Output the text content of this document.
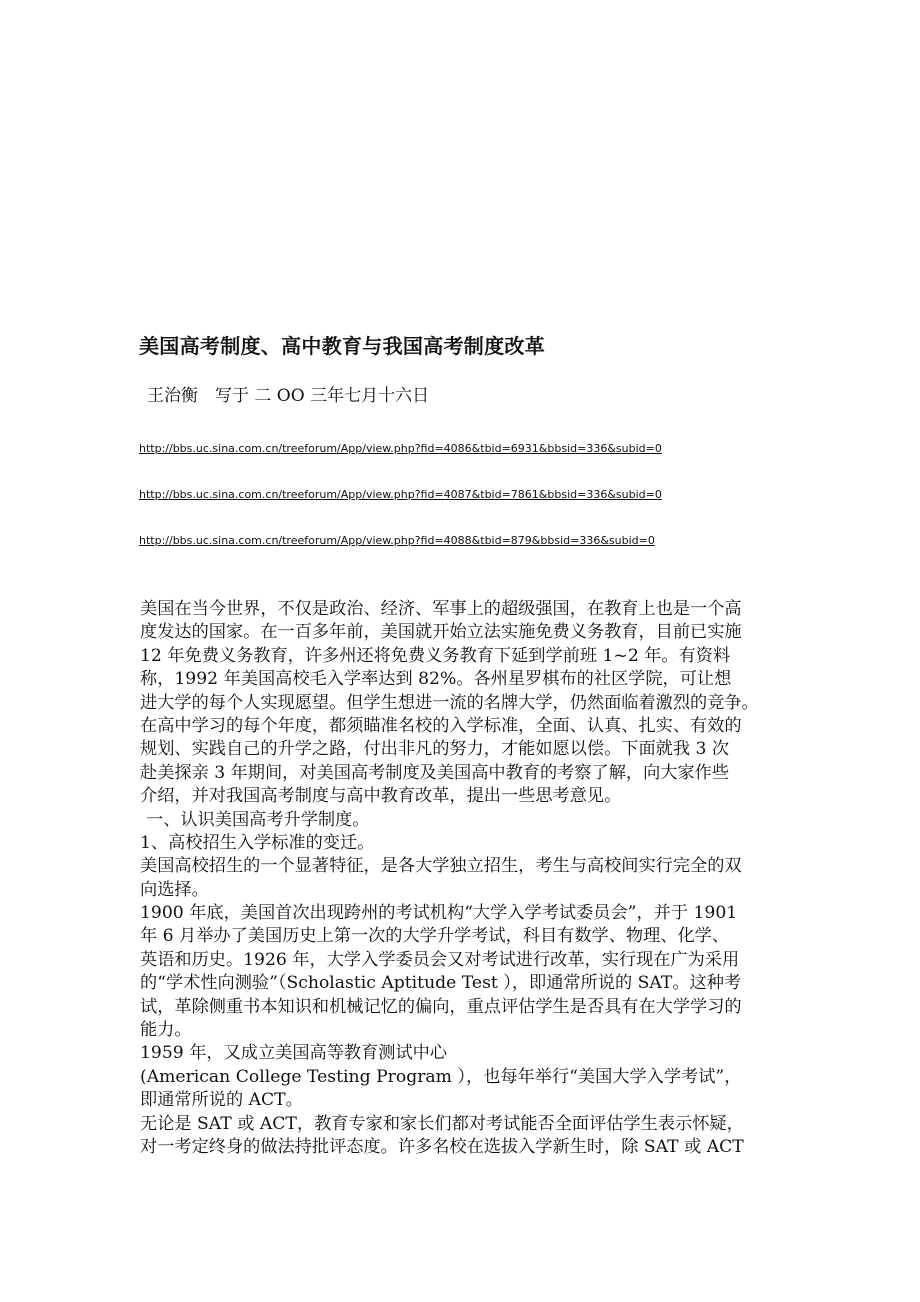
美国高考制度、高中教育与我国高考制度改革

王治衡　写于 二 OO 三年七月十六日

http://bbs.uc.sina.com.cn/treeforum/App/view.php?fid=4086&tbid=6931&bbsid=336&subid=0
http://bbs.uc.sina.com.cn/treeforum/App/view.php?fid=4087&tbid=7861&bbsid=336&subid=0
http://bbs.uc.sina.com.cn/treeforum/App/view.php?fid=4088&tbid=879&bbsid=336&subid=0
美国在当今世界，不仅是政治、经济、军事上的超级强国，在教育上也是一个高
度发达的国家。在一百多年前，美国就开始立法实施免费义务教育，目前已实施
12 年免费义务教育，许多州还将免费义务教育下延到学前班 1~2 年。有资料
称，1992 年美国高校毛入学率达到 82%。各州星罗棋布的社区学院，可让想
进大学的每个人实现愿望。但学生想进一流的名牌大学，仍然面临着激烈的竞争。
在高中学习的每个年度，都须瞄准名校的入学标准，全面、认真、扎实、有效的
规划、实践自己的升学之路，付出非凡的努力，才能如愿以偿。下面就我 3 次
赴美探亲 3 年期间，对美国高考制度及美国高中教育的考察了解，向大家作些
介绍，并对我国高考制度与高中教育改革，提出一些思考意见。
一、认识美国高考升学制度。
1、高校招生入学标准的变迁。
美国高校招生的一个显著特征，是各大学独立招生，考生与高校间实行完全的双
向选择。
1900 年底，美国首次出现跨州的考试机构“大学入学考试委员会”，并于 1901
年 6 月举办了美国历史上第一次的大学升学考试，科目有数学、物理、化学、
英语和历史。1926 年，大学入学委员会又对考试进行改革，实行现在广为采用
的“学术性向测验”（Scholastic Aptitude Test ），即通常所说的 SAT。这种考
试，革除侧重书本知识和机械记忆的偏向，重点评估学生是否具有在大学学习的
能力。
1959 年，又成立美国高等教育测试中心
(American College Testing Program ），也每年举行“美国大学入学考试”，
即通常所说的 ACT。
无论是 SAT 或 ACT，教育专家和家长们都对考试能否全面评估学生表示怀疑，
对一考定终身的做法持批评态度。许多名校在选拔入学新生时，除 SAT 或 ACT
